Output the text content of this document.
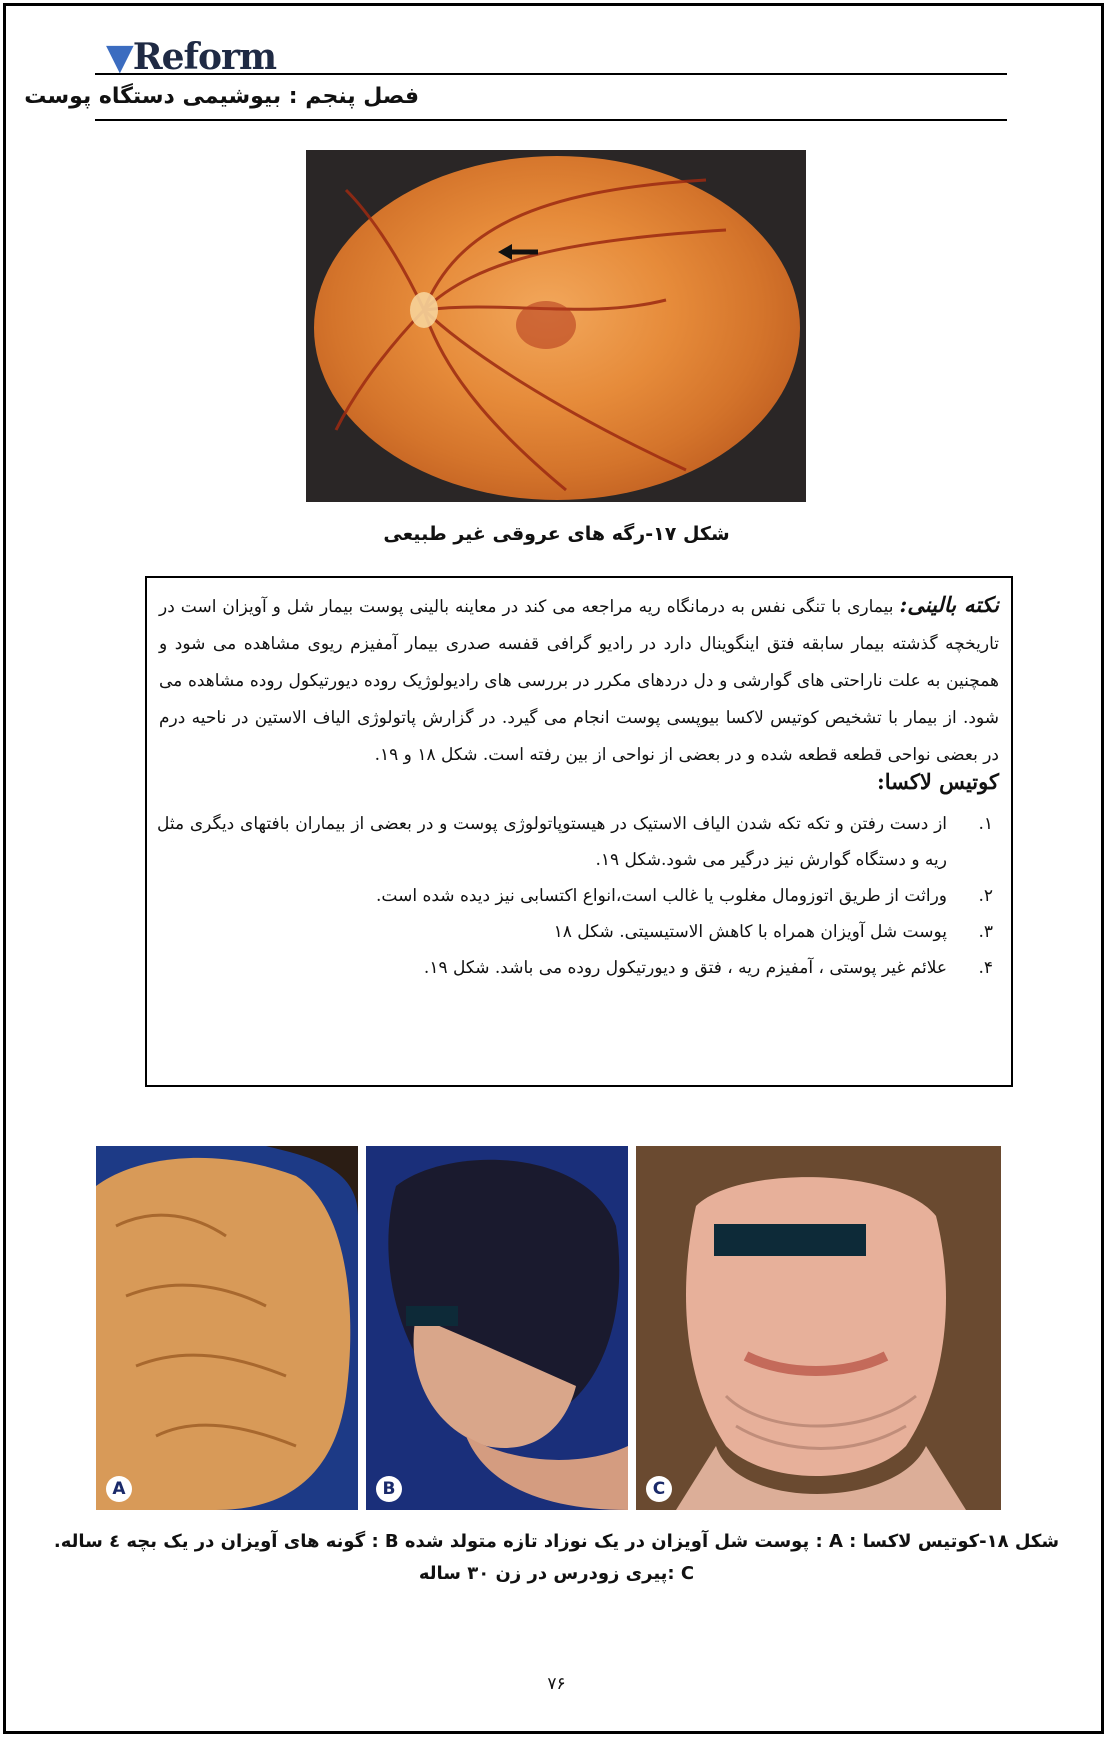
▼Reform
فصل پنجم : بیوشیمی دستگاه پوست
شکل ۱۷-رگه های عروقی غیر طبیعی
نکته بالینی: بیماری با تنگی نفس به درمانگاه ریه مراجعه می کند در معاینه بالینی پوست بیمار شل و آویزان است در تاریخچه گذشته بیمار سابقه فتق اینگوینال دارد در رادیو گرافی قفسه صدری بیمار آمفیزم ریوی مشاهده می شود و همچنین به علت ناراحتی های گوارشی و دل دردهای مکرر در بررسی های رادیولوژیک روده دیورتیکول روده مشاهده می شود. از بیمار با تشخیص کوتیس لاکسا بیوپسی پوست انجام می گیرد. در گزارش پاتولوژی الیاف الاستین در ناحیه درم در بعضی نواحی قطعه قطعه شده و در بعضی از نواحی از بین رفته است. شکل ۱۸ و ۱۹.
کوتیس لاکسا:
۱.
از دست رفتن و تکه تکه شدن الیاف الاستیک در هیستوپاتولوژی پوست و در بعضی از بیماران بافتهای دیگری مثل ریه و دستگاه گوارش نیز درگیر می شود.شکل ۱۹.
۲.
وراثت از طریق اتوزومال مغلوب یا غالب است،انواع اکتسابی نیز دیده شده است.
۳.
پوست شل آویزان همراه با کاهش الاستیسیتی. شکل ۱۸
۴.
علائم غیر پوستی ، آمفیزم ریه ، فتق و دیورتیکول روده می باشد. شکل ۱۹.
A	B	C
شکل ۱۸-کوتیس لاکسا : A : پوست شل آویزان در یک نوزاد تازه متولد شده B : گونه های آویزان در یک بچه ٤ ساله.
C :پیری زودرس در زن ۳۰ ساله
۷۶
